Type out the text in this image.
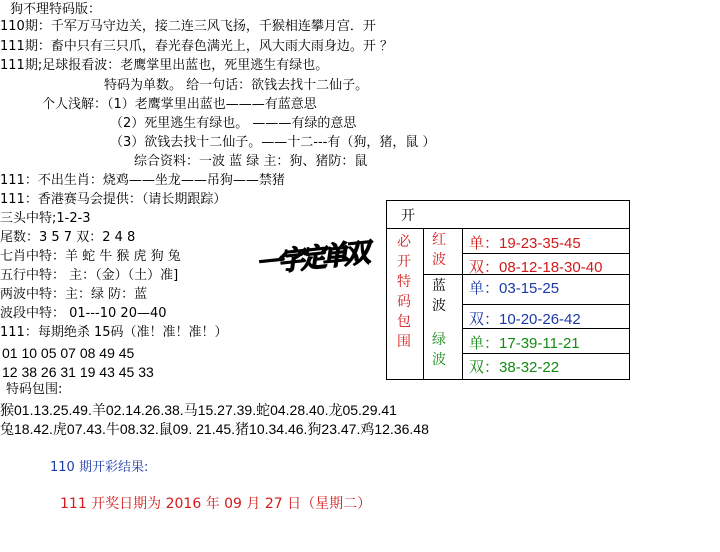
狗不理特码版：
110期：千军万马守边关，接二连三风飞扬，千猴相连攀月宫．开
111期：畜中只有三只爪，春光春色满光上，风大雨大雨身边。开 ？
111期;足球报看波：老鹰掌里出蓝也，死里逃生有绿也。
特码为单数。 给一句话：欲钱去找十二仙子。
个人浅解：（1）老鹰掌里出蓝也———有蓝意思
（2）死里逃生有绿也。 ———有绿的意思
（3）欲钱去找十二仙子。——十二---有（狗，猪，鼠 ）
综合资料：一波 蓝 绿 主：狗、猪防：鼠
111：不出生肖：烧鸡——坐龙——吊狗——禁猪
111：香港赛马会提供：（请长期跟踪）
三头中特;1-2-3
尾数：3 5 7 双：2 4 8
七肖中特：羊 蛇 牛 猴 虎 狗 兔
五行中特： 主：（金）（土）准]
两波中特：主：绿 防：蓝
波段中特： 01---10 20—40
111：每期绝杀 15码（准！准！准！）
01 10 05 07 08 49 45
12 38 26 31 19 43 45 33
特码包围:
猴01.13.25.49.羊02.14.26.38.马15.27.39.蛇04.28.40.龙05.29.41
兔18.42.虎07.43.牛08.32.鼠09. 21.45.猪10.34.46.狗23.47.鸡12.36.48
110 期开彩结果:
111 开奖日期为 2016 年 09 月 27 日（星期二）
一字定单双
开
必
开
特
码
包
围
红
波
蓝
波
绿
波
单：19-23-35-45
双：08-12-18-30-40
单：03-15-25
双：10-20-26-42
单：17-39-11-21
双：38-32-22
